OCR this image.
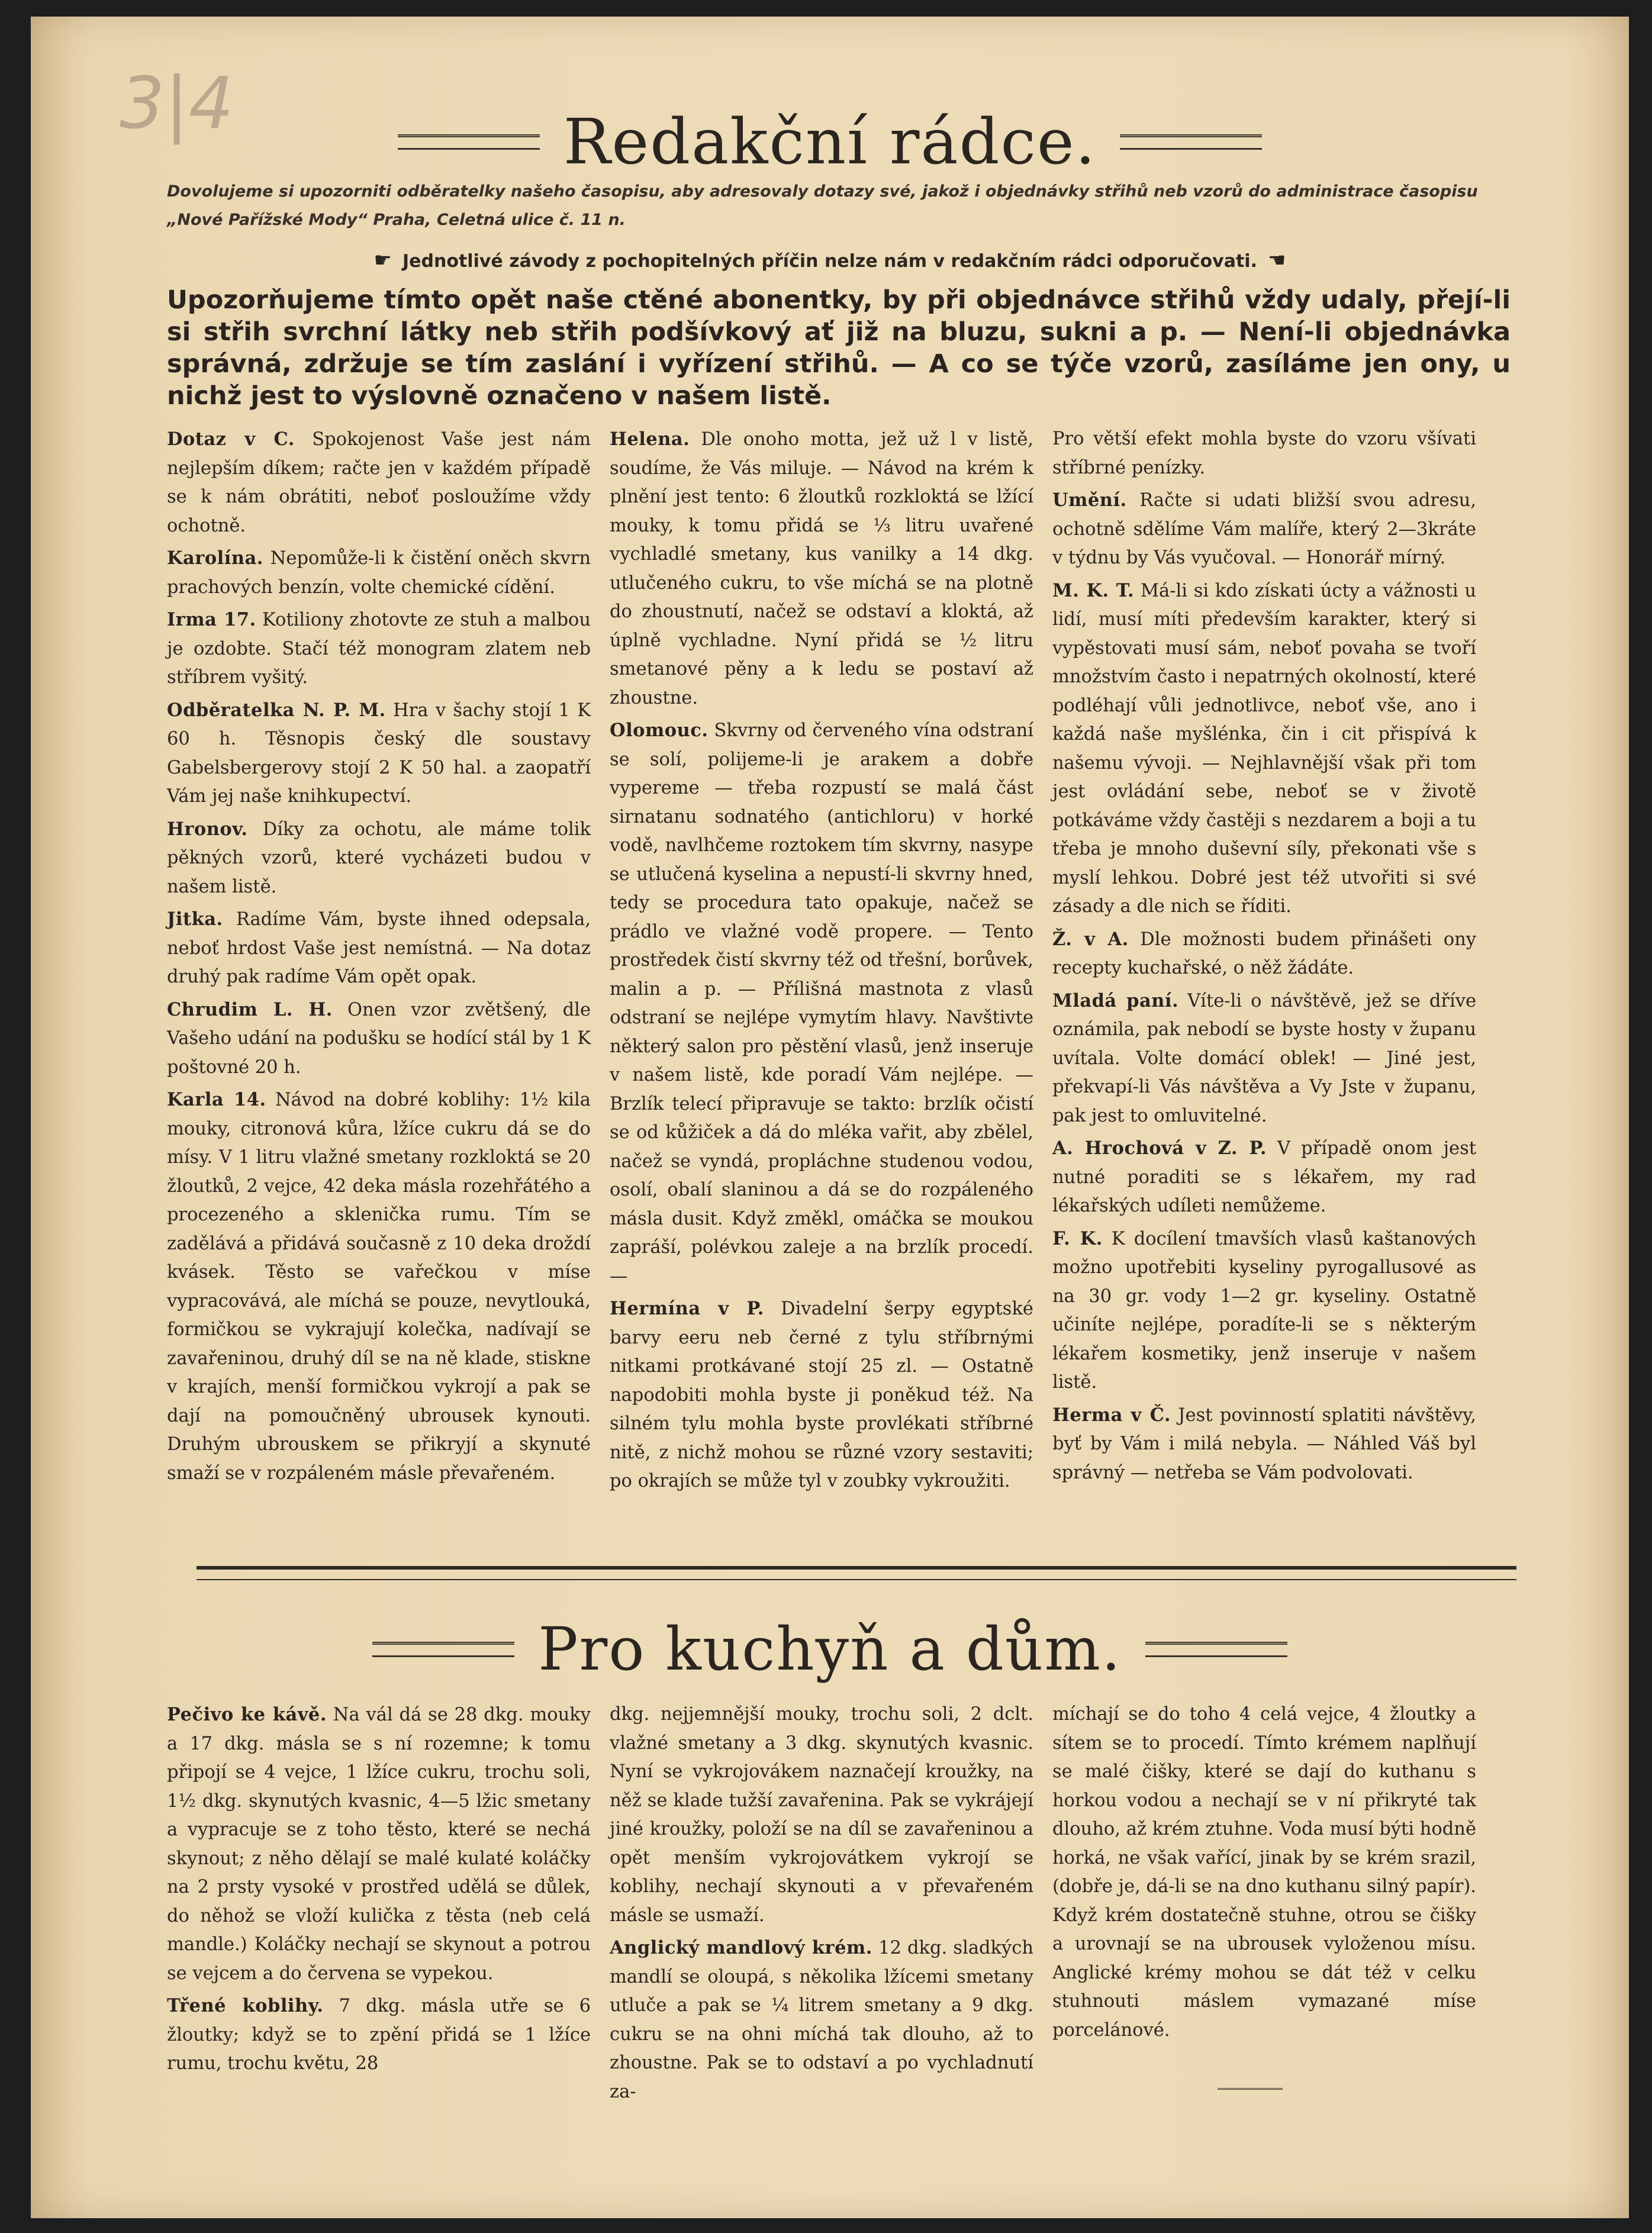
3|4	Redakční rádce.
Dovolujeme si upozorniti odběratelky našeho časopisu, aby adresovaly dotazy své, jakož i objednávky střihů neb vzorů do administrace časopisu „Nové Pařížské Mody“ Praha, Celetná ulice č. 11 n.
☛ Jednotlivé závody z pochopitelných příčin nelze nám v redakčním rádci odporučovati. ☚
Upozorňujeme tímto opět naše ctěné abonentky, by při objednávce střihů vždy udaly, přejí-li si střih svrchní látky neb střih podšívkový ať již na bluzu, sukni a p. — Není-li objednávka správná, zdržuje se tím zaslání i vyřízení střihů. — A co se týče vzorů, zasíláme jen ony, u nichž jest to výslovně označeno v našem listě.

Dotaz v C. Spokojenost Vaše jest nám nejlepším díkem; račte jen v každém případě se k nám obrátiti, neboť posloužíme vždy ochotně.

Karolína. Nepomůže-li k čistění oněch skvrn prachových benzín, volte chemické cídění.

Irma 17. Kotiliony zhotovte ze stuh a malbou je ozdobte. Stačí též monogram zlatem neb stříbrem vyšitý.

Odběratelka N. P. M. Hra v šachy stojí 1 K 60 h. Těsnopis český dle soustavy Gabelsbergerovy stojí 2 K 50 hal. a zaopatří Vám jej naše knihkupectví.

Hronov. Díky za ochotu, ale máme tolik pěkných vzorů, které vycházeti budou v našem listě.

Jitka. Radíme Vám, byste ihned odepsala, neboť hrdost Vaše jest nemístná. — Na dotaz druhý pak radíme Vám opět opak.

Chrudim L. H. Onen vzor zvětšený, dle Vašeho udání na podušku se hodící stál by 1 K poštovné 20 h.

Karla 14. Návod na dobré koblihy: 1½ kila mouky, citronová kůra, lžíce cukru dá se do mísy. V 1 litru vlažné smetany rozkloktá se 20 žloutků, 2 vejce, 42 deka másla rozehřátého a procezeného a sklenička rumu. Tím se zadělává a přidává současně z 10 deka droždí kvásek. Těsto se vařečkou v míse vypracovává, ale míchá se pouze, nevytlouká, formičkou se vykrajují kolečka, nadívají se zavařeninou, druhý díl se na ně klade, stiskne v krajích, menší formičkou vykrojí a pak se dají na pomoučněný ubrousek kynouti. Druhým ubrouskem se přikryjí a skynuté smaží se v rozpáleném másle převařeném.

Helena. Dle onoho motta, jež už l v listě, soudíme, že Vás miluje. — Návod na krém k plnění jest tento: 6 žloutků rozkloktá se lžící mouky, k tomu přidá se ⅓ litru uvařené vychladlé smetany, kus vanilky a 14 dkg. utlučeného cukru, to vše míchá se na plotně do zhoustnutí, načež se odstaví a kloktá, až úplně vychladne. Nyní přidá se ½ litru smetanové pěny a k ledu se postaví až zhoustne.

Olomouc. Skvrny od červeného vína odstraní se solí, polijeme-li je arakem a dobře vypereme — třeba rozpustí se malá část sirnatanu sodnatého (antichloru) v horké vodě, navlhčeme roztokem tím skvrny, nasype se utlučená kyselina a nepustí-li skvrny hned, tedy se procedura tato opakuje, načež se prádlo ve vlažné vodě propere. — Tento prostředek čistí skvrny též od třešní, borůvek, malin a p. — Přílišná mastnota z vlasů odstraní se nejlépe vymytím hlavy. Navštivte některý salon pro pěstění vlasů, jenž inseruje v našem listě, kde poradí Vám nejlépe. — Brzlík telecí připravuje se takto: brzlík očistí se od kůžiček a dá do mléka vařit, aby zbělel, načež se vyndá, propláchne studenou vodou, osolí, obalí slaninou a dá se do rozpáleného másla dusit. Když změkl, omáčka se moukou zapráší, polévkou zaleje a na brzlík procedí. —

Hermína v P. Divadelní šerpy egyptské barvy eeru neb černé z tylu stříbrnými nitkami protkávané stojí 25 zl. — Ostatně napodobiti mohla byste ji poněkud též. Na silném tylu mohla byste provlékati stříbrné nitě, z nichž mohou se různé vzory sestaviti; po okrajích se může tyl v zoubky vykroužiti.

Pro větší efekt mohla byste do vzoru všívati stříbrné penízky.

Umění. Račte si udati bližší svou adresu, ochotně sdělíme Vám malíře, který 2—3kráte v týdnu by Vás vyučoval. — Honorář mírný.

M. K. T. Má-li si kdo získati úcty a vážnosti u lidí, musí míti především karakter, který si vypěstovati musí sám, neboť povaha se tvoří množstvím často i nepatrných okolností, které podléhají vůli jednotlivce, neboť vše, ano i každá naše myšlénka, čin i cit přispívá k našemu vývoji. — Nejhlavnější však při tom jest ovládání sebe, neboť se v životě potkáváme vždy častěji s nezdarem a boji a tu třeba je mnoho duševní síly, překonati vše s myslí lehkou. Dobré jest též utvořiti si své zásady a dle nich se říditi.

Ž. v A. Dle možnosti budem přinášeti ony recepty kuchařské, o něž žádáte.

Mladá paní. Víte-li o návštěvě, jež se dříve oznámila, pak nebodí se byste hosty v županu uvítala. Volte domácí oblek! — Jiné jest, překvapí-li Vás návštěva a Vy Jste v županu, pak jest to omluvitelné.

A. Hrochová v Z. P. V případě onom jest nutné poraditi se s lékařem, my rad lékařských udíleti nemůžeme.

F. K. K docílení tmavších vlasů kaštanových možno upotřebiti kyseliny pyrogallusové as na 30 gr. vody 1—2 gr. kyseliny. Ostatně učiníte nejlépe, poradíte-li se s některým lékařem kosmetiky, jenž inseruje v našem listě.

Herma v Č. Jest povinností splatiti návštěvy, byť by Vám i milá nebyla. — Náhled Váš byl správný — netřeba se Vám podvolovati.

Pro kuchyň a dům.

Pečivo ke kávě. Na vál dá se 28 dkg. mouky a 17 dkg. másla se s ní rozemne; k tomu připojí se 4 vejce, 1 lžíce cukru, trochu soli, 1½ dkg. skynutých kvasnic, 4—5 lžic smetany a vypracuje se z toho těsto, které se nechá skynout; z něho dělají se malé kulaté koláčky na 2 prsty vysoké v prostřed udělá se důlek, do něhož se vloží kulička z těsta (neb celá mandle.) Koláčky nechají se skynout a potrou se vejcem a do červena se vypekou.

Třené koblihy. 7 dkg. másla utře se 6 žloutky; když se to zpění přidá se 1 lžíce rumu, trochu květu, 28

dkg. nejjemnější mouky, trochu soli, 2 dclt. vlažné smetany a 3 dkg. skynutých kvasnic. Nyní se vykrojovákem naznačejí kroužky, na něž se klade tužší zavařenina. Pak se vykrájejí jiné kroužky, položí se na díl se zavařeninou a opět menším vykrojovátkem vykrojí se koblihy, nechají skynouti a v převařeném másle se usmaží.

Anglický mandlový krém. 12 dkg. sladkých mandlí se oloupá, s několika lžícemi smetany utluče a pak se ¼ litrem smetany a 9 dkg. cukru se na ohni míchá tak dlouho, až to zhoustne. Pak se to odstaví a po vychladnutí za-

míchají se do toho 4 celá vejce, 4 žloutky a sítem se to procedí. Tímto krémem naplňují se malé čišky, které se dají do kuthanu s horkou vodou a nechají se v ní přikryté tak dlouho, až krém ztuhne. Voda musí býti hodně horká, ne však vařící, jinak by se krém srazil, (dobře je, dá-li se na dno kuthanu silný papír). Když krém dostatečně stuhne, otrou se čišky a urovnají se na ubrousek vyloženou mísu. Anglické krémy mohou se dát též v celku stuhnouti máslem vymazané míse porcelánové.
